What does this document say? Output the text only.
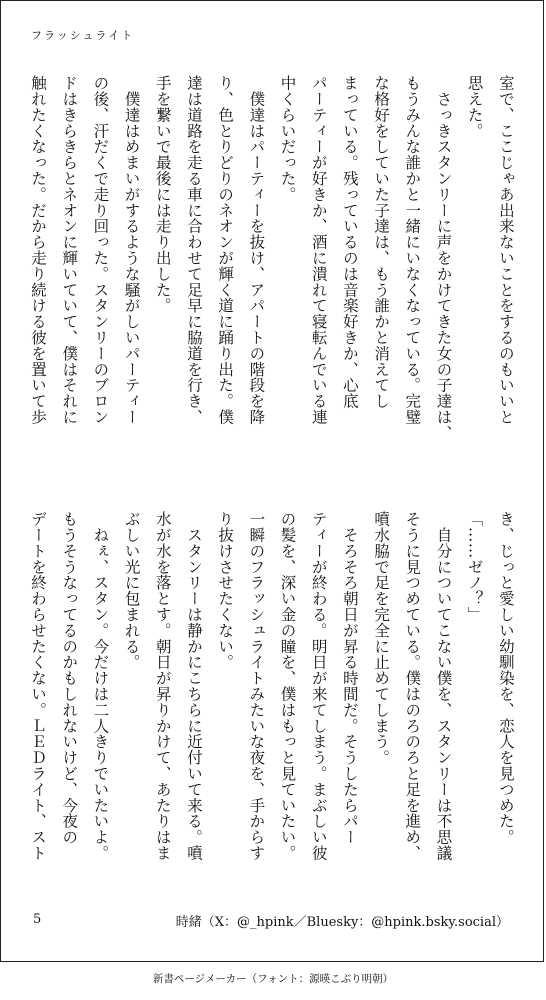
フラッシュライト
室で、ここじゃあ出来ないことをするのもいいと
思えた。
　さっきスタンリーに声をかけてきた女の子達は、
もうみんな誰かと一緒にいなくなっている。完璧
な格好をしていた子達は、もう誰かと消えてし
まっている。残っているのは音楽好きか、心底
パーティーが好きか、酒に潰れて寝転んでいる連
中くらいだった。
　僕達はパーティーを抜け、アパートの階段を降
り、色とりどりのネオンが輝く道に踊り出た。僕
達は道路を走る車に合わせて足早に脇道を行き、
手を繋いで最後には走り出した。
　僕達はめまいがするような騒がしいパーティー
の後、汗だくで走り回った。スタンリーのブロン
ドはきらきらとネオンに輝いていて、僕はそれに
触れたくなった。だから走り続ける彼を置いて歩
き、じっと愛しい幼馴染を、恋人を見つめた。
「……ゼノ？」
　自分についてこない僕を、スタンリーは不思議
そうに見つめている。僕はのろのろと足を進め、
噴水脇で足を完全に止めてしまう。
　そろそろ朝日が昇る時間だ。そうしたらパー
ティーが終わる。明日が来てしまう。まぶしい彼
の髪を、深い金の瞳を、僕はもっと見ていたい。
一瞬のフラッシュライトみたいな夜を、手からす
り抜けさせたくない。
　スタンリーは静かにこちらに近付いて来る。噴
水が水を落とす。朝日が昇りかけて、あたりはま
ぶしい光に包まれる。
　ねぇ、スタン。今だけは二人きりでいたいよ。
もうそうなってるのかもしれないけど、今夜の
デートを終わらせたくない。ＬＥＤライト、スト
5	時緒（X：@_hpink／Bluesky：@hpink.bsky.social）
新書ページメーカー（フォント：源暎こぶり明朝）
